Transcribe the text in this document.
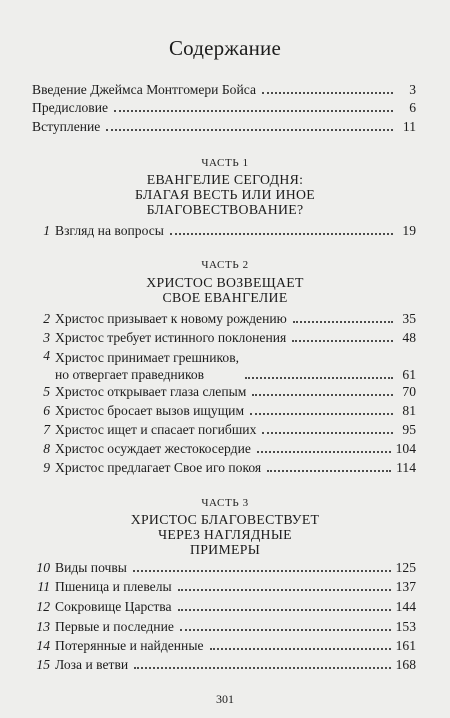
Содержание
Введение Джеймса Монтгомери Бойса	3
Предисловие	6
Вступление	11
ЧАСТЬ 1
ЕВАНГЕЛИЕ СЕГОДНЯ:
БЛАГАЯ ВЕСТЬ ИЛИ ИНОЕ
БЛАГОВЕСТВОВАНИЕ?
1 Взгляд на вопросы	19
ЧАСТЬ 2
ХРИСТОС ВОЗВЕЩАЕТ
СВОЕ ЕВАНГЕЛИЕ
2 Христос призывает к новому рождению	35
3 Христос требует истинного поклонения	48
4 Христос принимает грешников,
но отвергает праведников	61
5 Христос открывает глаза слепым	70
6 Христос бросает вызов ищущим	81
7 Христос ищет и спасает погибших	95
8 Христос осуждает жестокосердие	104
9 Христос предлагает Свое иго покоя	114
ЧАСТЬ 3
ХРИСТОС БЛАГОВЕСТВУЕТ
ЧЕРЕЗ НАГЛЯДНЫЕ
ПРИМЕРЫ
10 Виды почвы	125
11 Пшеница и плевелы	137
12 Сокровище Царства	144
13 Первые и последние	153
14 Потерянные и найденные	161
15 Лоза и ветви	168
301
